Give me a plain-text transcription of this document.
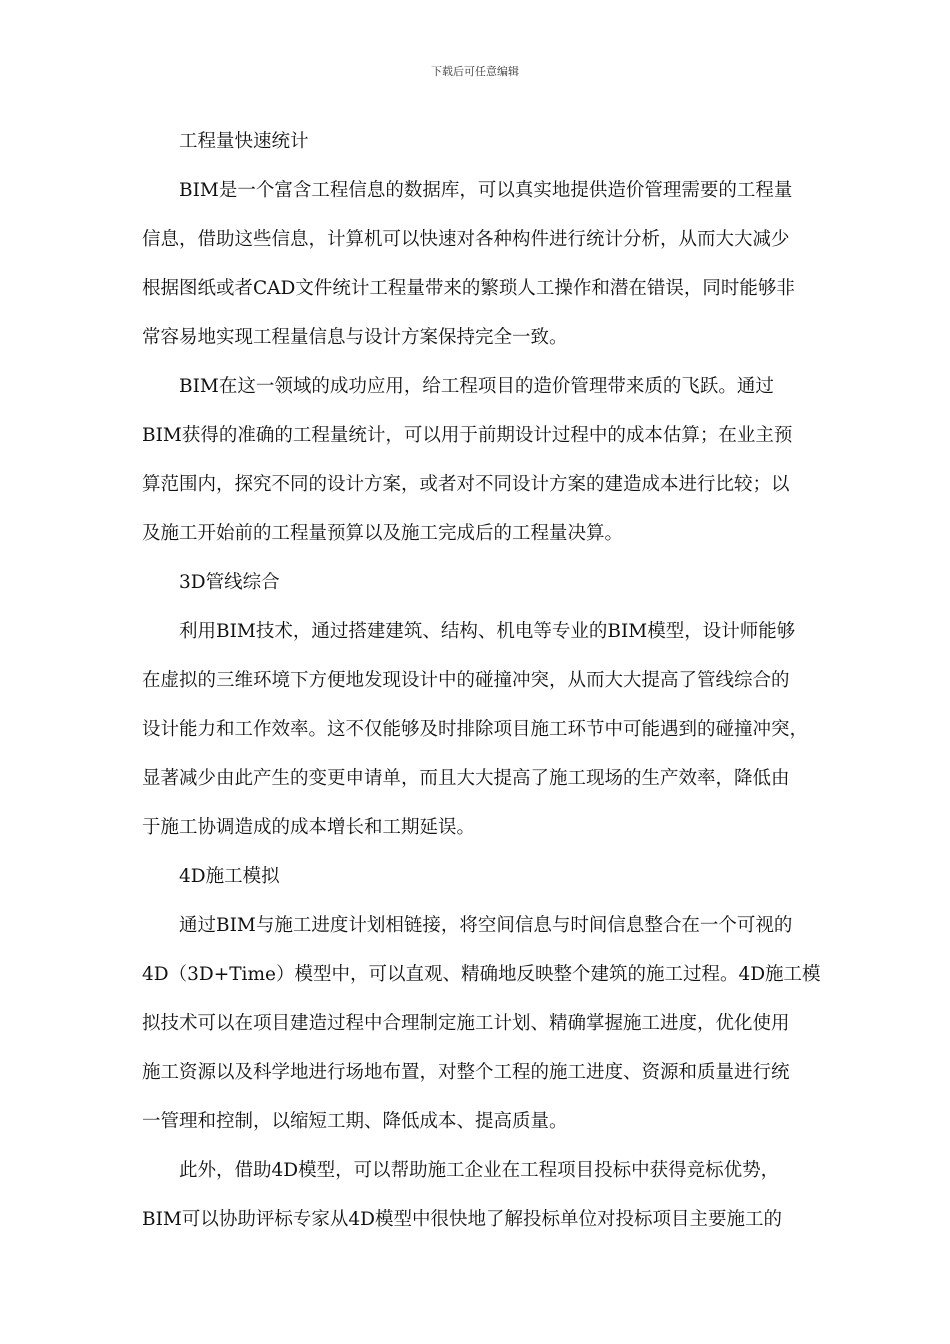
下载后可任意编辑
工程量快速统计
BIM是一个富含工程信息的数据库，可以真实地提供造价管理需要的工程量
信息，借助这些信息，计算机可以快速对各种构件进行统计分析，从而大大减少
根据图纸或者CAD文件统计工程量带来的繁琐人工操作和潜在错误，同时能够非
常容易地实现工程量信息与设计方案保持完全一致。
BIM在这一领域的成功应用，给工程项目的造价管理带来质的飞跃。通过
BIM获得的准确的工程量统计，可以用于前期设计过程中的成本估算；在业主预
算范围内，探究不同的设计方案，或者对不同设计方案的建造成本进行比较；以
及施工开始前的工程量预算以及施工完成后的工程量决算。
3D管线综合
利用BIM技术，通过搭建建筑、结构、机电等专业的BIM模型，设计师能够
在虚拟的三维环境下方便地发现设计中的碰撞冲突，从而大大提高了管线综合的
设计能力和工作效率。这不仅能够及时排除项目施工环节中可能遇到的碰撞冲突，
显著减少由此产生的变更申请单，而且大大提高了施工现场的生产效率，降低由
于施工协调造成的成本增长和工期延误。
4D施工模拟
通过BIM与施工进度计划相链接，将空间信息与时间信息整合在一个可视的
4D（3D+Time）模型中，可以直观、精确地反映整个建筑的施工过程。4D施工模
拟技术可以在项目建造过程中合理制定施工计划、精确掌握施工进度，优化使用
施工资源以及科学地进行场地布置，对整个工程的施工进度、资源和质量进行统
一管理和控制，以缩短工期、降低成本、提高质量。
此外，借助4D模型，可以帮助施工企业在工程项目投标中获得竞标优势，
BIM可以协助评标专家从4D模型中很快地了解投标单位对投标项目主要施工的
